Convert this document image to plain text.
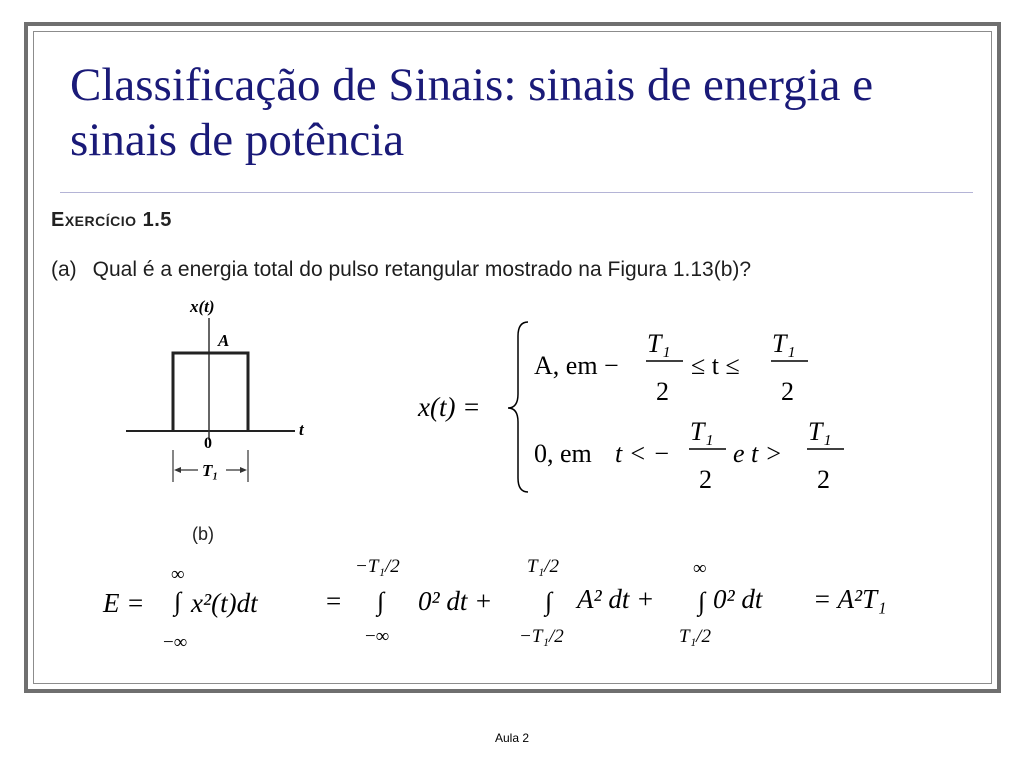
Classificação de Sinais: sinais de energia e sinais de potência
Exercício 1.5
(a) Qual é a energia total do pulso retangular mostrado na Figura 1.13(b)?
x(t)
A
0
t
T₁
(b)
x(t) =
A, em −
T₁
2
≤ t ≤
T₁
2
0, em t < −
T₁
2
e t >
T₁
2
E =
∞
∫
−∞
x²(t)dt	=
−T₁/2
∫
−∞
0² dt +
T₁/2
∫
−T₁/2
A² dt +
∞
∫
T₁/2
0² dt = A²T₁
Aula 2
